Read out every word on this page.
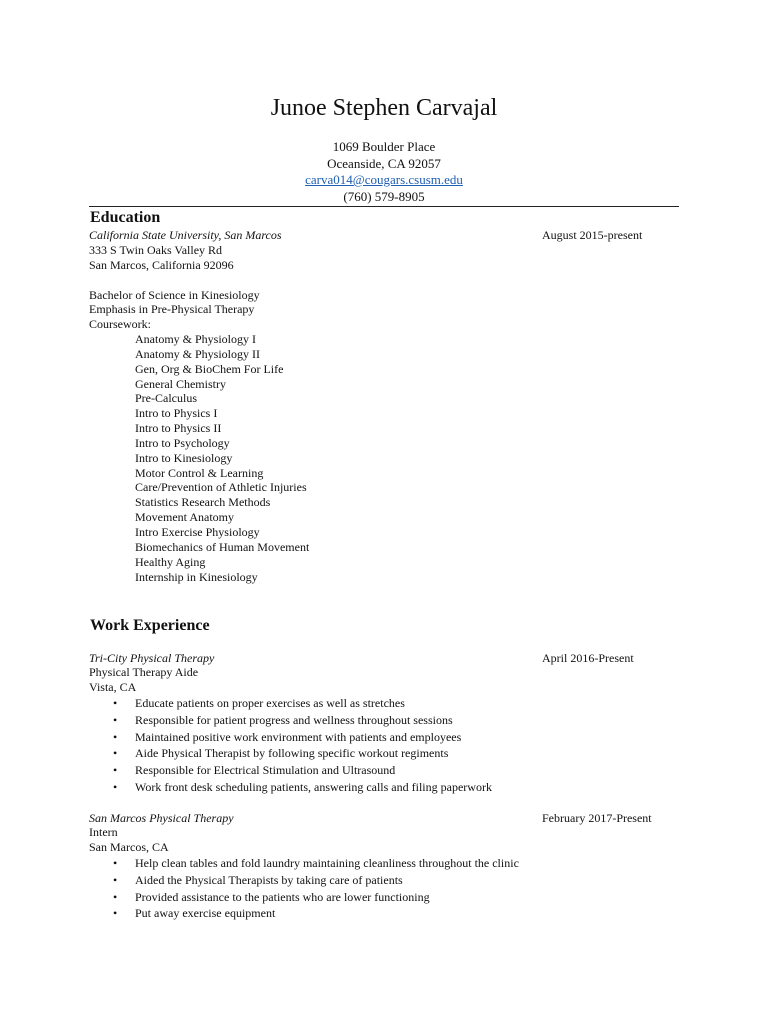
Junoe Stephen Carvajal
1069 Boulder Place
Oceanside, CA 92057
carva014@cougars.csusm.edu
(760) 579-8905
Education
California State University, San Marcos	August 2015-present
333 S Twin Oaks Valley Rd
San Marcos, California 92096
Bachelor of Science in Kinesiology
Emphasis in Pre-Physical Therapy
Coursework:
Anatomy & Physiology I
Anatomy & Physiology II
Gen, Org & BioChem For Life
General Chemistry
Pre-Calculus
Intro to Physics I
Intro to Physics II
Intro to Psychology
Intro to Kinesiology
Motor Control & Learning
Care/Prevention of Athletic Injuries
Statistics Research Methods
Movement Anatomy
Intro Exercise Physiology
Biomechanics of Human Movement
Healthy Aging
Internship in Kinesiology
Work Experience
Tri-City Physical Therapy	April 2016-Present
Physical Therapy Aide
Vista, CA
• Educate patients on proper exercises as well as stretches
• Responsible for patient progress and wellness throughout sessions
• Maintained positive work environment with patients and employees
• Aide Physical Therapist by following specific workout regiments
• Responsible for Electrical Stimulation and Ultrasound
• Work front desk scheduling patients, answering calls and filing paperwork
San Marcos Physical Therapy	February 2017-Present
Intern
San Marcos, CA
• Help clean tables and fold laundry maintaining cleanliness throughout the clinic
• Aided the Physical Therapists by taking care of patients
• Provided assistance to the patients who are lower functioning
• Put away exercise equipment
